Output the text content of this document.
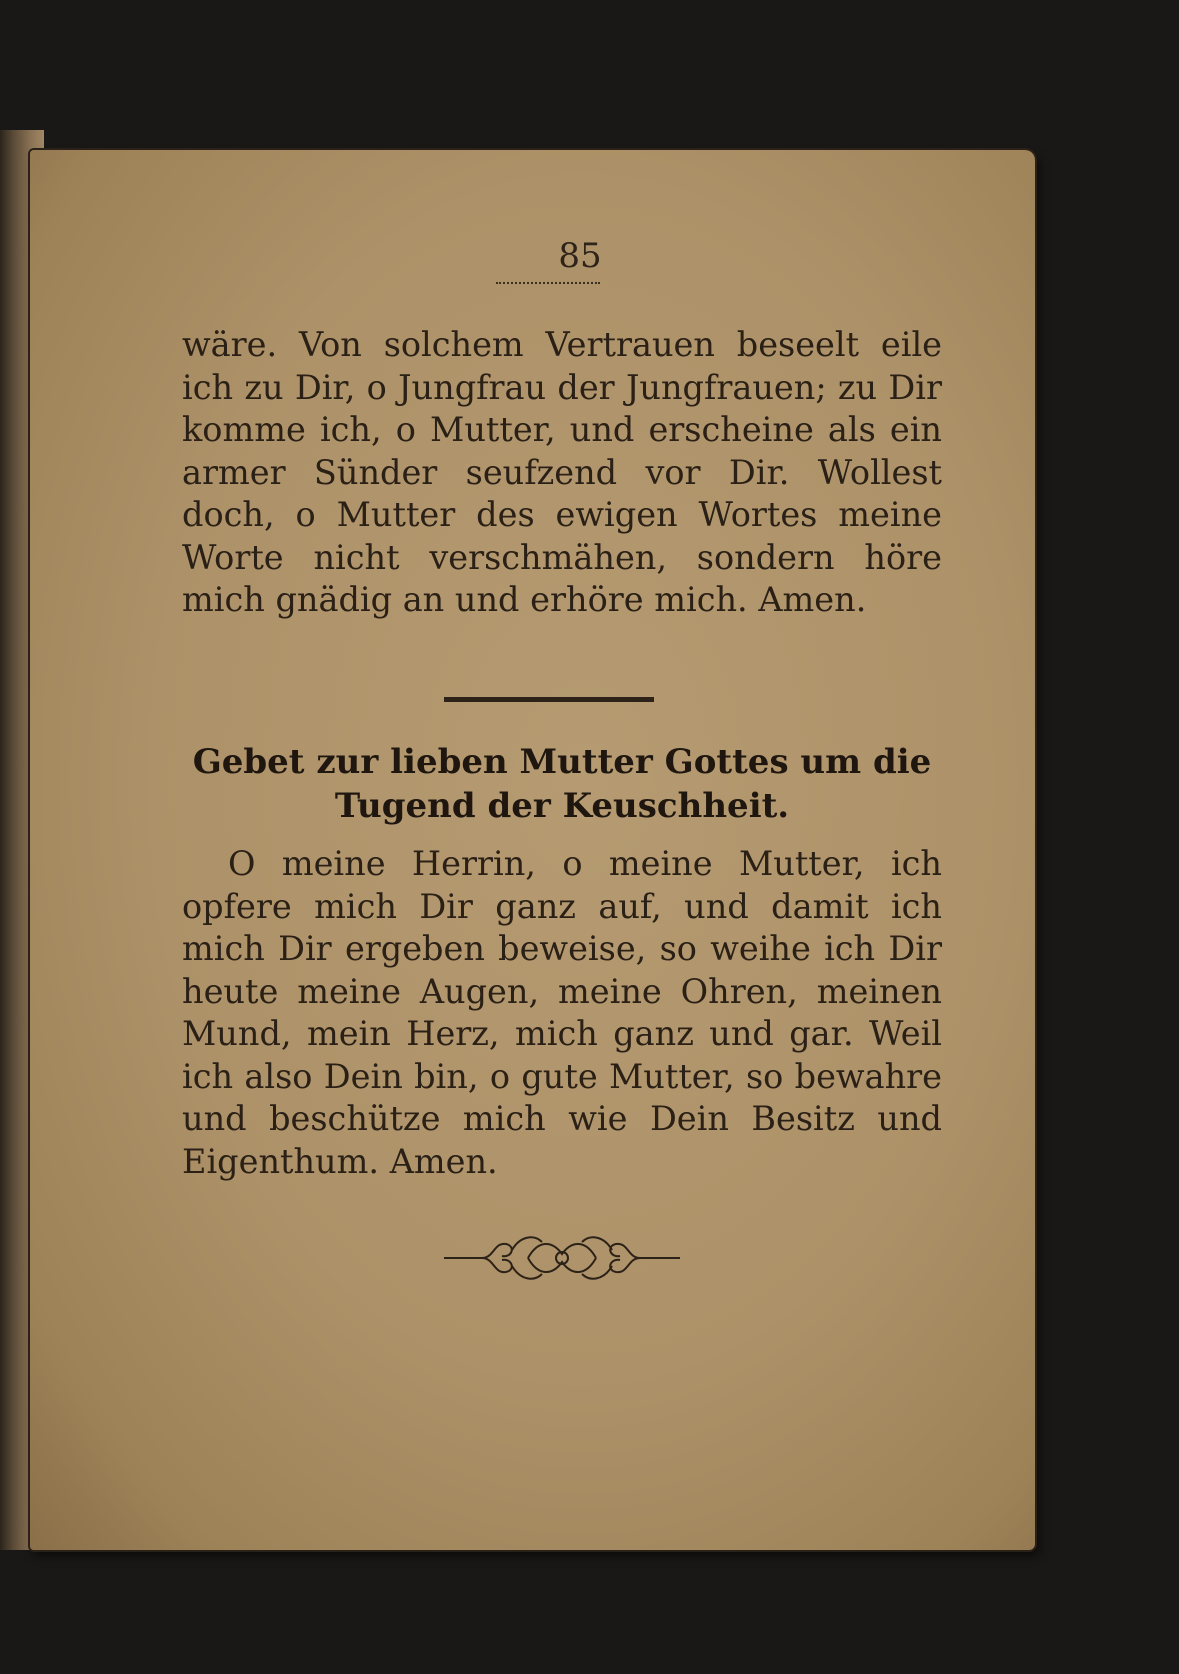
85

wäre. Von solchem Vertrauen beseelt eile ich zu Dir, o Jungfrau der Jungfrauen; zu Dir komme ich, o Mutter, und erscheine als ein armer Sünder seufzend vor Dir. Wollest doch, o Mutter des ewigen Wortes meine Worte nicht verschmähen, sondern höre mich gnädig an und erhöre mich. Amen.

Gebet zur lieben Mutter Gottes um die Tugend der Keuschheit.

O meine Herrin, o meine Mutter, ich opfere mich Dir ganz auf, und damit ich mich Dir ergeben beweise, so weihe ich Dir heute meine Augen, meine Ohren, meinen Mund, mein Herz, mich ganz und gar. Weil ich also Dein bin, o gute Mutter, so bewahre und beschütze mich wie Dein Besitz und Eigenthum. Amen.
